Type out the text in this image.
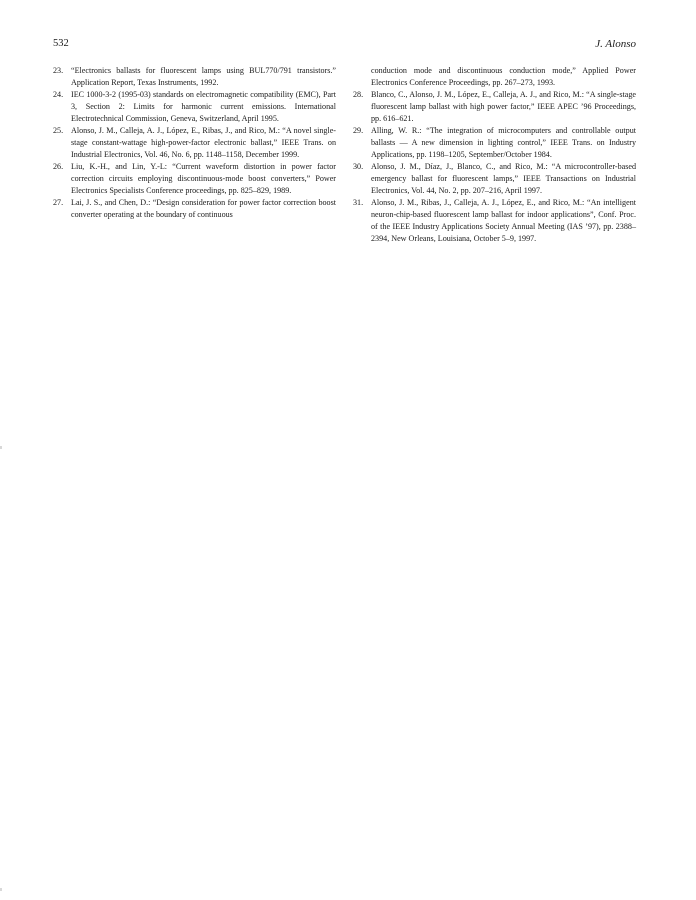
532	J. Alonso

23. “Electronics ballasts for fluorescent lamps using BUL770/791 transistors.” Application Report, Texas Instruments, 1992.

24. IEC 1000-3-2 (1995-03) standards on electromagnetic compatibility (EMC), Part 3, Section 2: Limits for harmonic current emissions. International Electrotechnical Commission, Geneva, Switzerland, April 1995.

25. Alonso, J. M., Calleja, A. J., López, E., Ribas, J., and Rico, M.: “A novel single-stage constant-wattage high-power-factor electronic ballast,” IEEE Trans. on Industrial Electronics, Vol. 46, No. 6, pp. 1148–1158, December 1999.

26. Liu, K.-H., and Lin, Y.-L: “Current waveform distortion in power factor correction circuits employing discontinuous-mode boost converters,” Power Electronics Specialists Conference proceedings, pp. 825–829, 1989.

27. Lai, J. S., and Chen, D.: “Design consideration for power factor correction boost converter operating at the boundary of continuous

conduction mode and discontinuous conduction mode,” Applied Power Electronics Conference Proceedings, pp. 267–273, 1993.

28. Blanco, C., Alonso, J. M., López, E., Calleja, A. J., and Rico, M.: “A single-stage fluorescent lamp ballast with high power factor,” IEEE APEC ’96 Proceedings, pp. 616–621.

29. Alling, W. R.: “The integration of microcomputers and controllable output ballasts — A new dimension in lighting control,” IEEE Trans. on Industry Applications, pp. 1198–1205, September/October 1984.

30. Alonso, J. M., Díaz, J., Blanco, C., and Rico, M.: “A microcontroller-based emergency ballast for fluorescent lamps,” IEEE Transactions on Industrial Electronics, Vol. 44, No. 2, pp. 207–216, April 1997.

31. Alonso, J. M., Ribas, J., Calleja, A. J., López, E., and Rico, M.: “An intelligent neuron-chip-based fluorescent lamp ballast for indoor applications”, Conf. Proc. of the IEEE Industry Applications Society Annual Meeting (IAS ’97), pp. 2388–2394, New Orleans, Louisiana, October 5–9, 1997.
